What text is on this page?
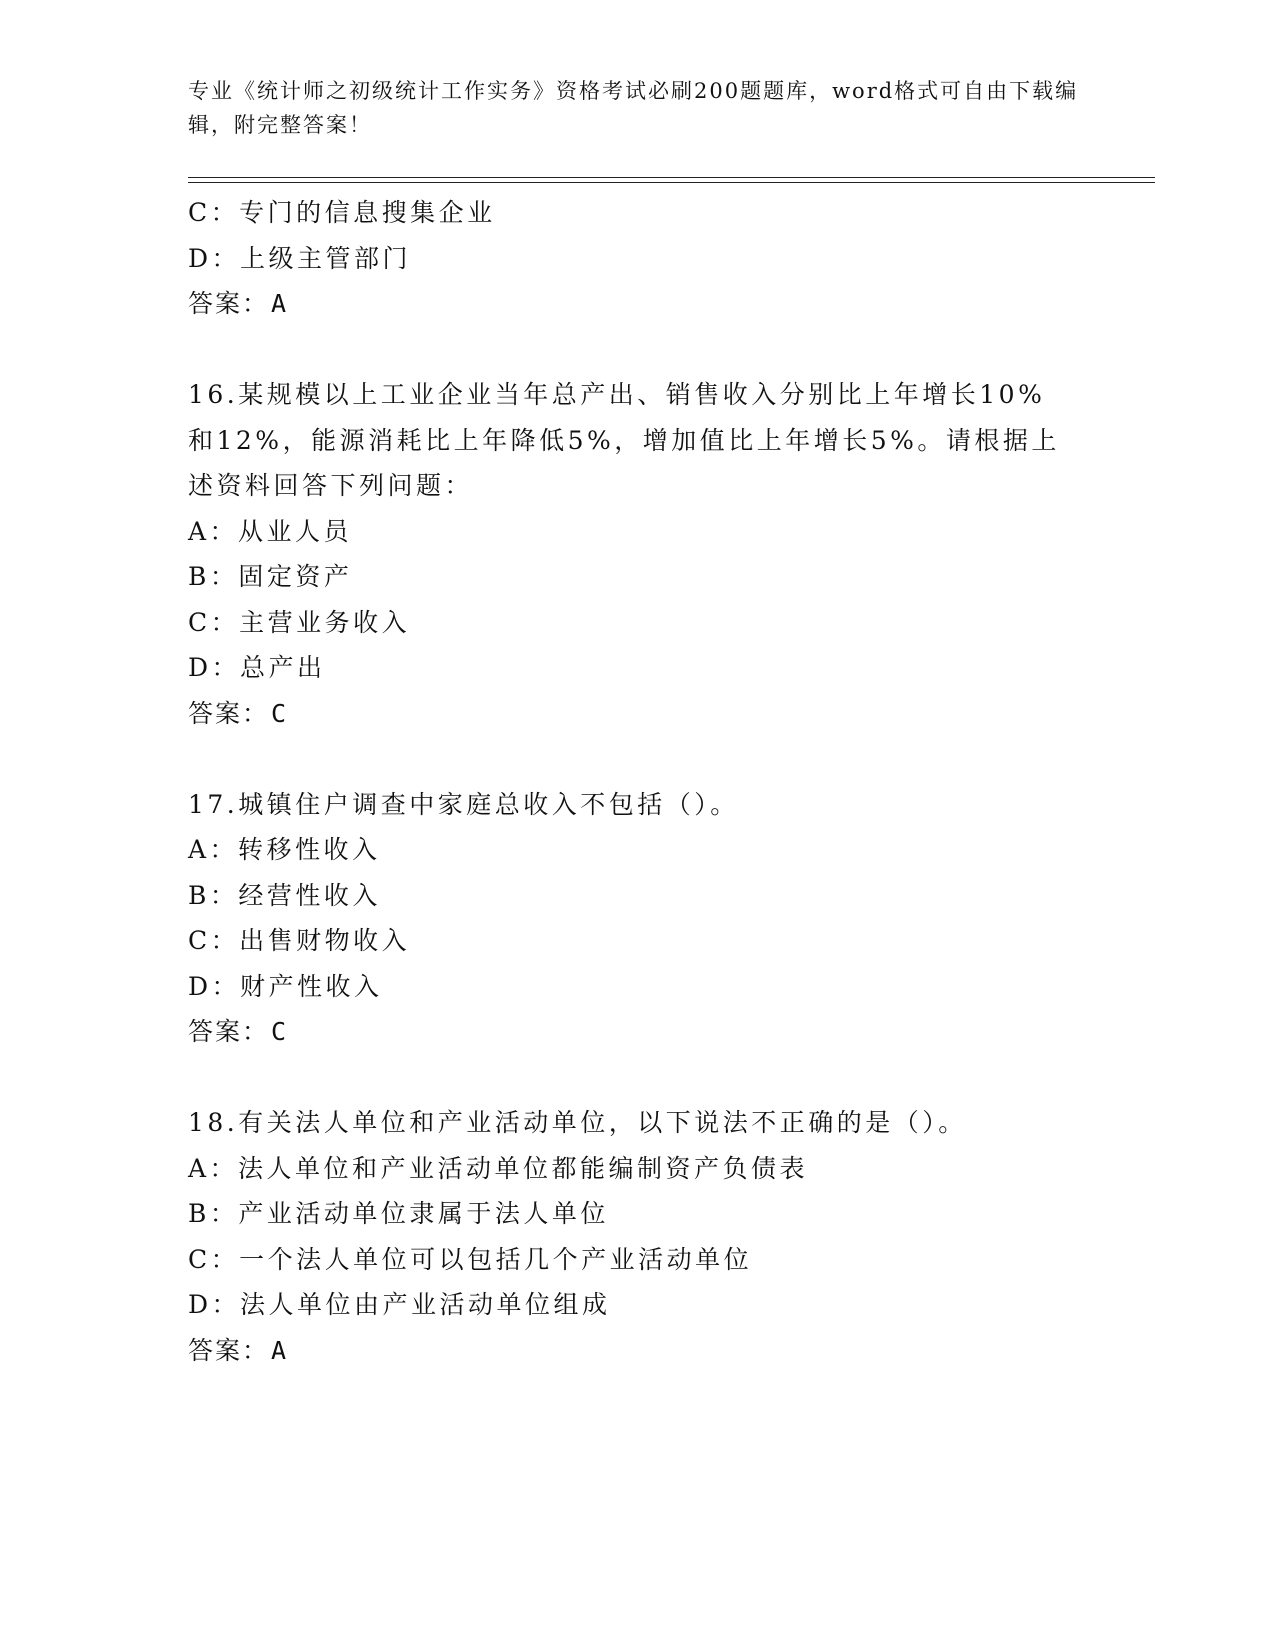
专业《统计师之初级统计工作实务》资格考试必刷200题题库，word格式可自由下载编辑，附完整答案！
C：专门的信息搜集企业
D：上级主管部门
答案：A
16.某规模以上工业企业当年总产出、销售收入分别比上年增长10%和12%，能源消耗比上年降低5%，增加值比上年增长5%。请根据上述资料回答下列问题：
A：从业人员
B：固定资产
C：主营业务收入
D：总产出
答案：C
17.城镇住户调查中家庭总收入不包括（）。
A：转移性收入
B：经营性收入
C：出售财物收入
D：财产性收入
答案：C
18.有关法人单位和产业活动单位，以下说法不正确的是（）。
A：法人单位和产业活动单位都能编制资产负债表
B：产业活动单位隶属于法人单位
C：一个法人单位可以包括几个产业活动单位
D：法人单位由产业活动单位组成
答案：A
